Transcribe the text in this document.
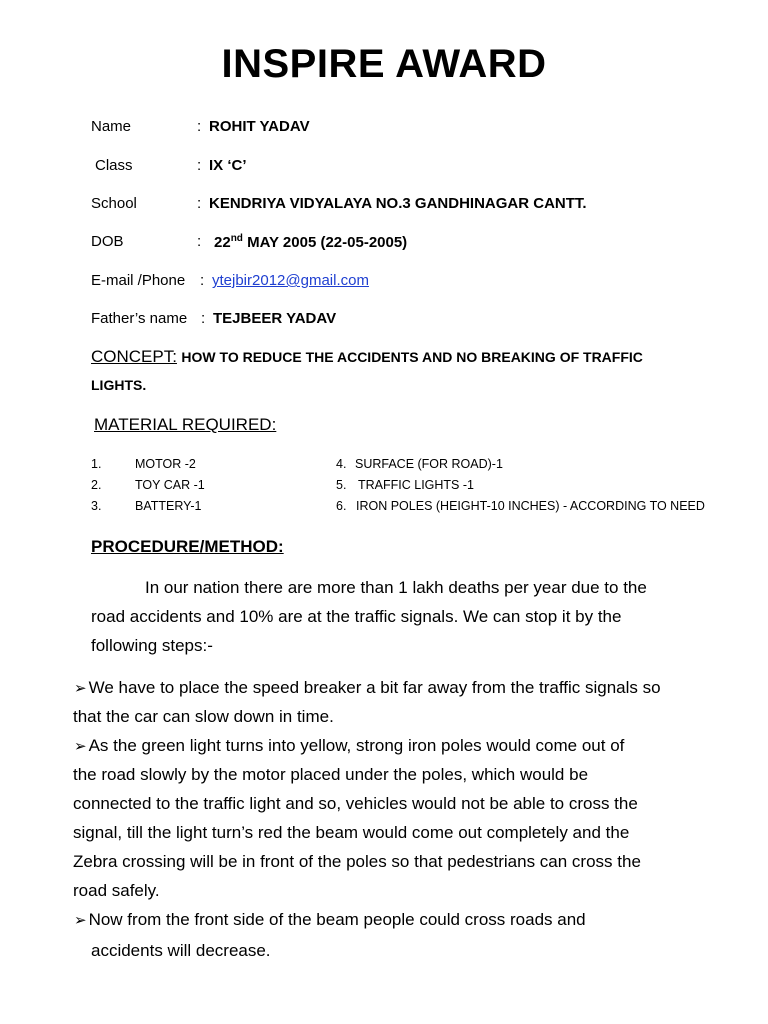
INSPIRE AWARD
Name	: ROHIT YADAV
Class	: IX ‘C’
School	: KENDRIYA VIDYALAYA NO.3 GANDHINAGAR CANTT.
DOB	: 22nd MAY 2005 (22-05-2005)
E-mail /Phone : ytejbir2012@gmail.com
Father’s name : TEJBEER YADAV
CONCEPT: HOW TO REDUCE THE ACCIDENTS AND NO BREAKING OF TRAFFIC
LIGHTS.
MATERIAL REQUIRED:
1.	MOTOR -2
2.	TOY CAR -1
3.	BATTERY-1
4. SURFACE (FOR ROAD)-1
5. TRAFFIC LIGHTS -1
6. IRON POLES (HEIGHT-10 INCHES) - ACCORDING TO NEED
PROCEDURE/METHOD:
In our nation there are more than 1 lakh deaths per year due to the
road accidents and 10% are at the traffic signals. We can stop it by the
following steps:-
➢ We have to place the speed breaker a bit far away from the traffic signals so
that the car can slow down in time.
➢ As the green light turns into yellow, strong iron poles would come out of
the road slowly by the motor placed under the poles, which would be
connected to the traffic light and so, vehicles would not be able to cross the
signal, till the light turn’s red the beam would come out completely and the
Zebra crossing will be in front of the poles so that pedestrians can cross the
road safely.
➢ Now from the front side of the beam people could cross roads and
accidents will decrease.
